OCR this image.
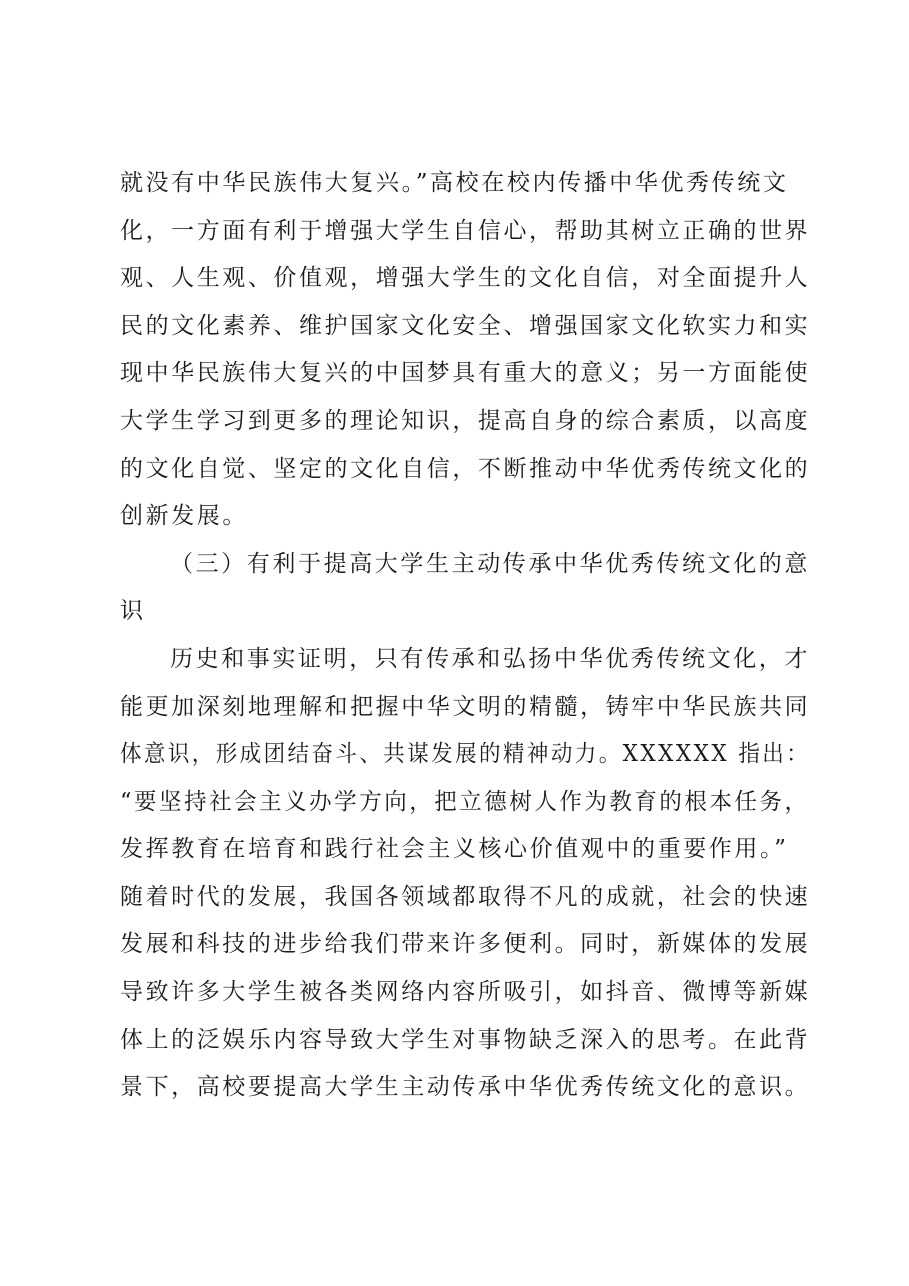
就没有中华民族伟大复兴。”高校在校内传播中华优秀传统文
化，一方面有利于增强大学生自信心，帮助其树立正确的世界
观、人生观、价值观，增强大学生的文化自信，对全面提升人
民的文化素养、维护国家文化安全、增强国家文化软实力和实
现中华民族伟大复兴的中国梦具有重大的意义；另一方面能使
大学生学习到更多的理论知识，提高自身的综合素质，以高度
的文化自觉、坚定的文化自信，不断推动中华优秀传统文化的
创新发展。
（三）有利于提高大学生主动传承中华优秀传统文化的意
识
历史和事实证明，只有传承和弘扬中华优秀传统文化，才
能更加深刻地理解和把握中华文明的精髓，铸牢中华民族共同
体意识，形成团结奋斗、共谋发展的精神动力。XXXXXX 指出：
“要坚持社会主义办学方向，把立德树人作为教育的根本任务，
发挥教育在培育和践行社会主义核心价值观中的重要作用。”
随着时代的发展，我国各领域都取得不凡的成就，社会的快速
发展和科技的进步给我们带来许多便利。同时，新媒体的发展
导致许多大学生被各类网络内容所吸引，如抖音、微博等新媒
体上的泛娱乐内容导致大学生对事物缺乏深入的思考。在此背
景下，高校要提高大学生主动传承中华优秀传统文化的意识。
